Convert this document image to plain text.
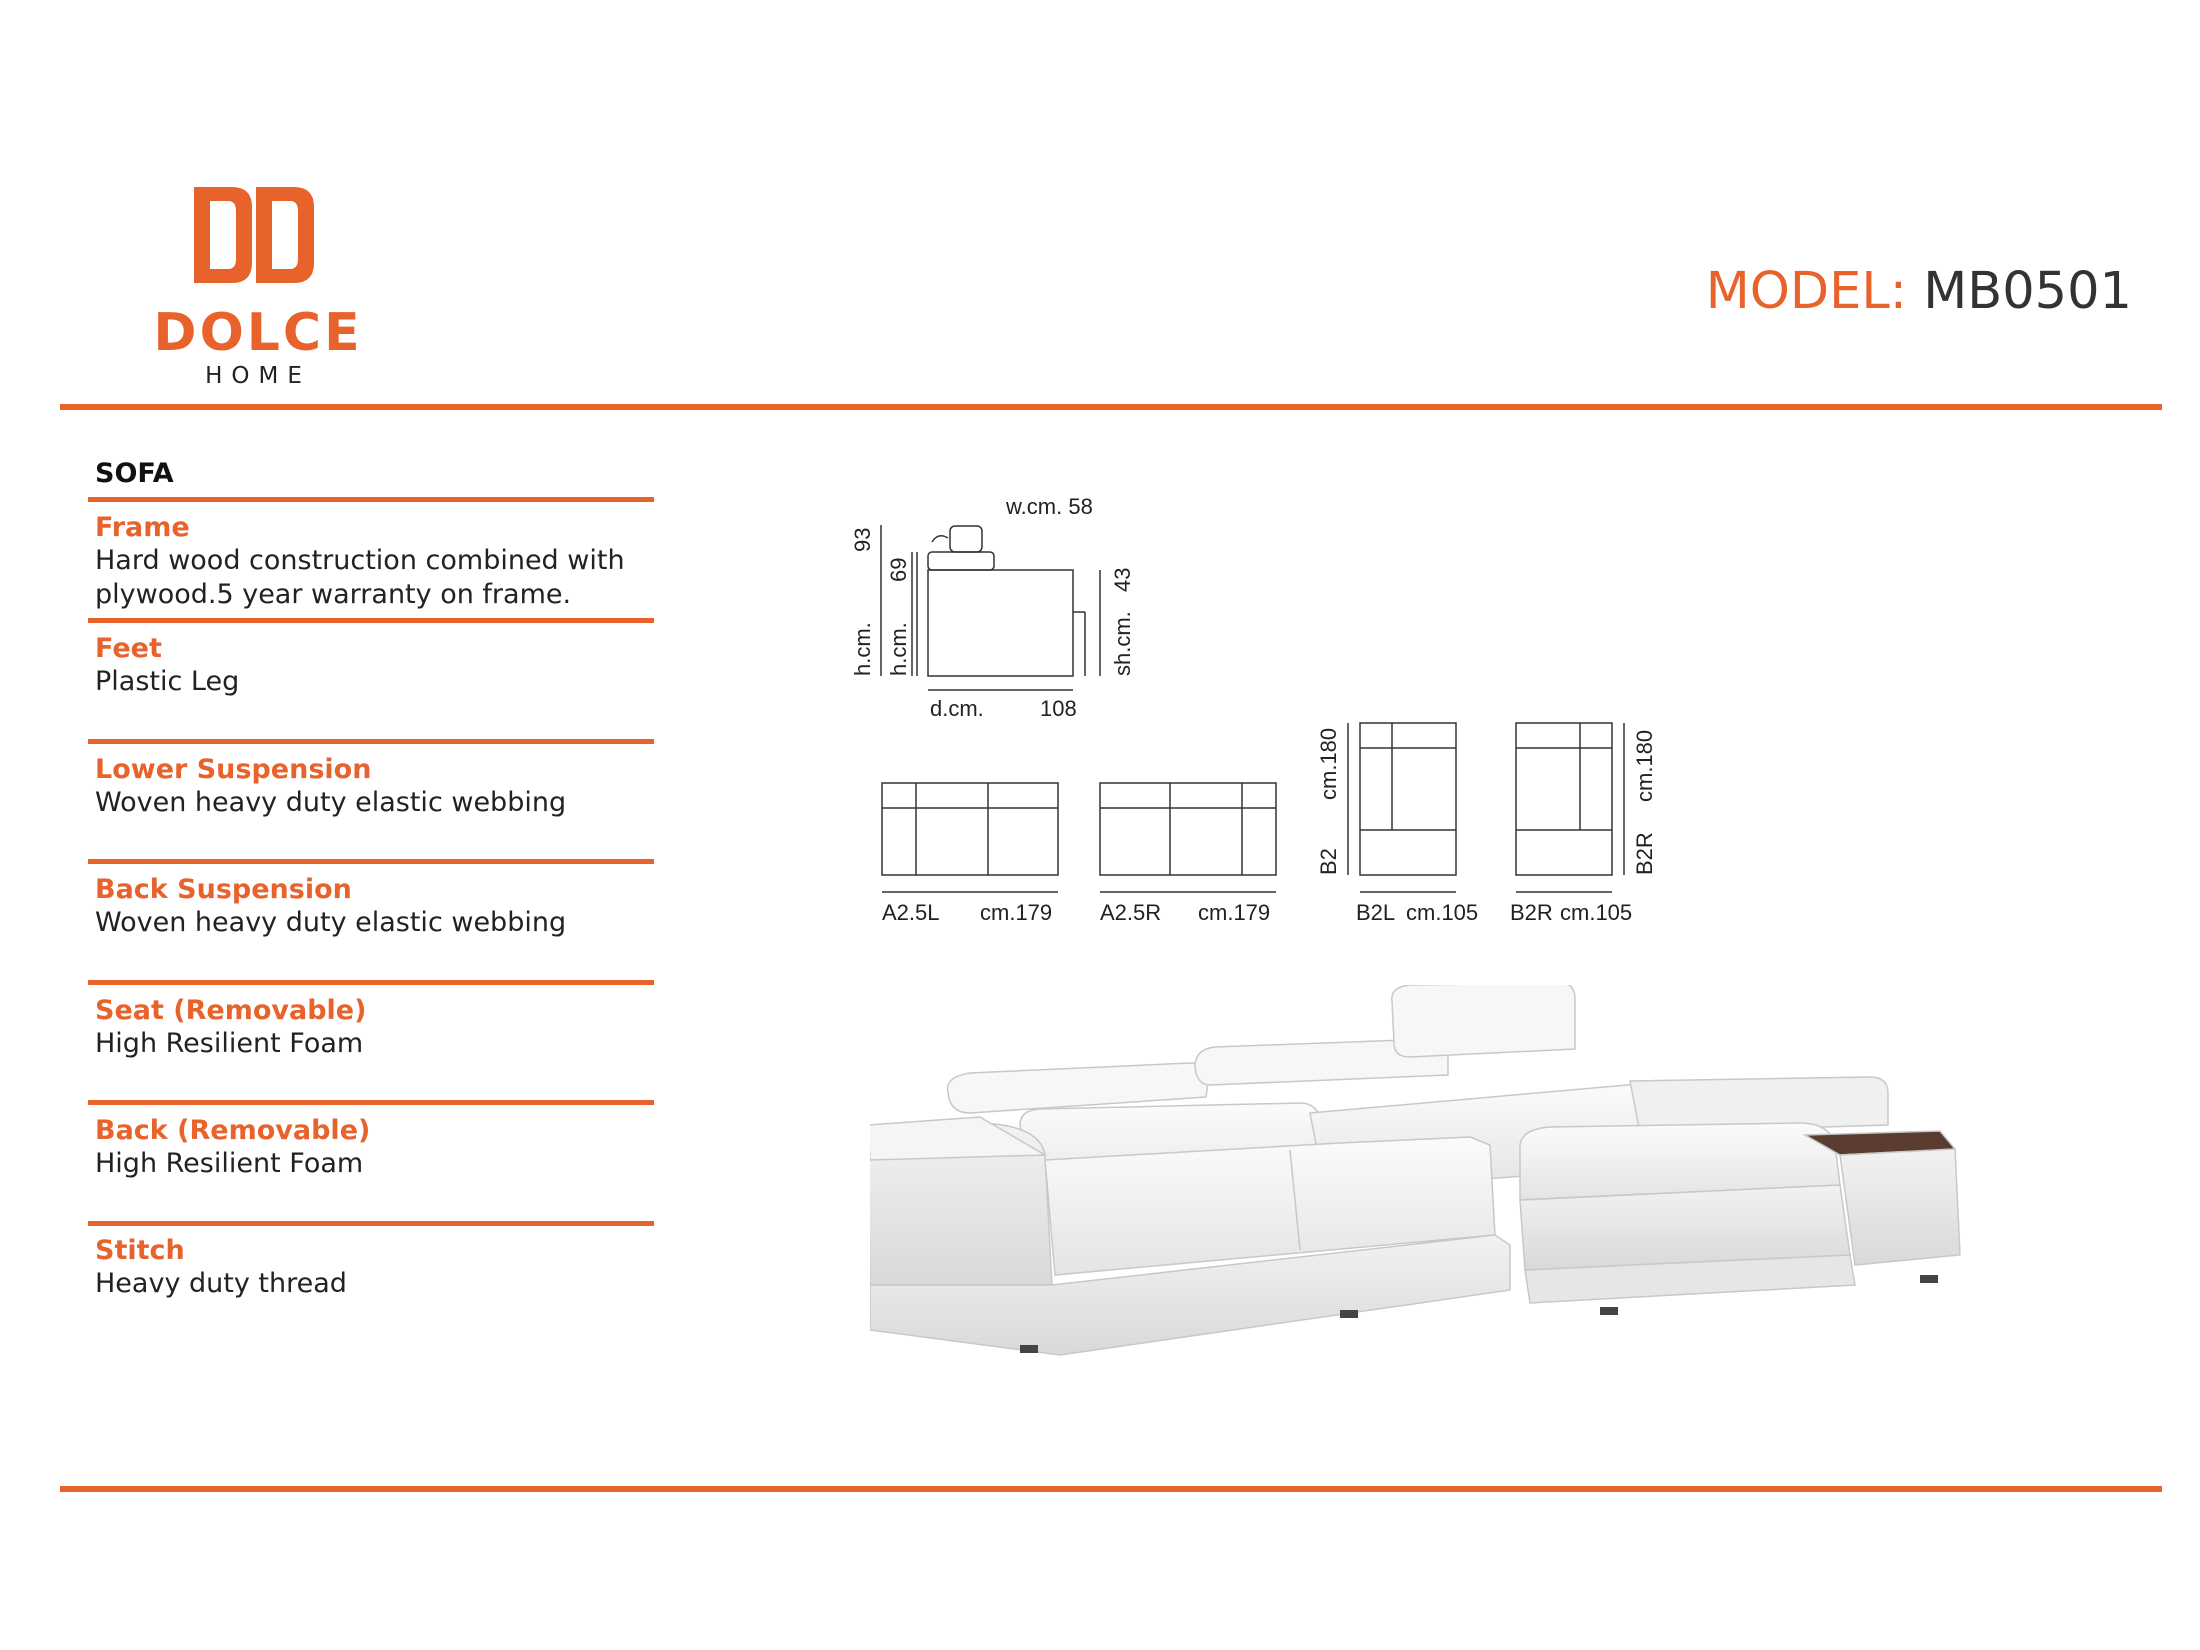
DOLCE
HOME
MODEL: MB0501
SOFA
Frame
Hard wood construction combined with plywood.5 year warranty on frame.
Feet
Plastic Leg
Lower Suspension
Woven heavy duty elastic webbing
Back Suspension
Woven heavy duty elastic webbing
Seat (Removable)
High Resilient Foam
Back (Removable)
High Resilient Foam
Stitch
Heavy duty thread
93
h.cm.
69
h.cm.
w.cm. 58
sh.cm.
43
d.cm.	108
A2.5L cm.179 A2.5R cm.179
B2
cm.180
B2L cm.105
B2R
cm.180
B2R cm.105
